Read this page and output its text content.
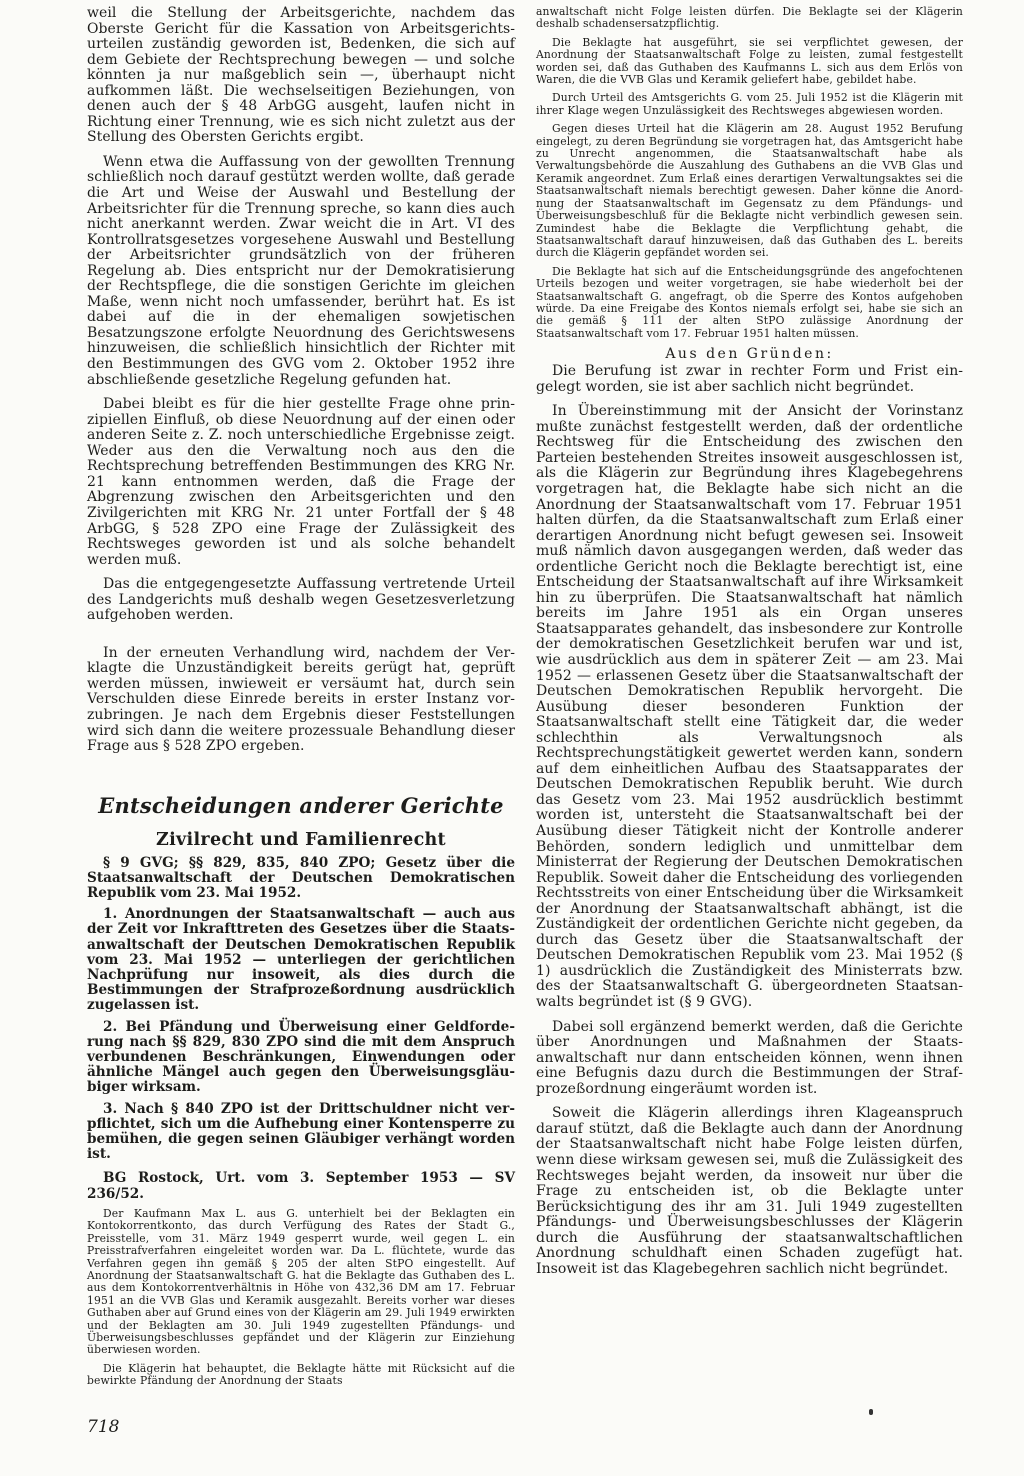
weil die Stellung der Arbeitsgerichte, nachdem das Oberste Gericht für die Kassation von Arbeitsgerichtsurteilen zuständig geworden ist, Bedenken, die sich auf dem Gebiete der Rechtsprechung bewegen — und solche könnten ja nur maßgeblich sein —, überhaupt nicht aufkommen läßt. Die wechselseitigen Beziehungen, von denen auch der § 48 ArbGG ausgeht, laufen nicht in Richtung einer Trennung, wie es sich nicht zuletzt aus der Stellung des Obersten Gerichts ergibt.

Wenn etwa die Auffassung von der gewollten Trennung schließlich noch darauf gestützt werden wollte, daß gerade die Art und Weise der Auswahl und Bestellung der Arbeitsrichter für die Trennung spreche, so kann dies auch nicht anerkannt werden. Zwar weicht die in Art. VI des Kontrollratsgesetzes vorgesehene Auswahl und Bestellung der Arbeitsrichter grundsätzlich von der früheren Regelung ab. Dies entspricht nur der Demokratisierung der Rechtspflege, die die sonstigen Gerichte im gleichen Maße, wenn nicht noch umfassender, berührt hat. Es ist dabei auf die in der ehemaligen sowjetischen Besatzungszone erfolgte Neuordnung des Gerichtswesens hinzuweisen, die schließlich hinsichtlich der Richter mit den Bestimmungen des GVG vom 2. Oktober 1952 ihre abschließende gesetzliche Regelung gefunden hat.

Dabei bleibt es für die hier gestellte Frage ohne prinzipiellen Einfluß, ob diese Neuordnung auf der einen oder anderen Seite z. Z. noch unterschiedliche Ergebnisse zeigt. Weder aus den die Verwaltung noch aus den die Rechtsprechung betreffenden Bestimmungen des KRG Nr. 21 kann entnommen werden, daß die Frage der Abgrenzung zwischen den Arbeitsgerichten und den Zivilgerichten mit KRG Nr. 21 unter Fortfall der § 48 ArbGG, § 528 ZPO eine Frage der Zulässigkeit des Rechtsweges geworden ist und als solche behandelt werden muß.

Das die entgegengesetzte Auffassung vertretende Urteil des Landgerichts muß deshalb wegen Gesetzesverletzung aufgehoben werden.

In der erneuten Verhandlung wird, nachdem der Verklagte die Unzuständigkeit bereits gerügt hat, geprüft werden müssen, inwieweit er versäumt hat, durch sein Verschulden diese Einrede bereits in erster Instanz vorzubringen. Je nach dem Ergebnis dieser Feststellungen wird sich dann die weitere prozessuale Behandlung dieser Frage aus § 528 ZPO ergeben.

Entscheidungen anderer Gerichte
Zivilrecht und Familienrecht

§ 9 GVG; §§ 829, 835, 840 ZPO; Gesetz über die Staatsanwaltschaft der Deutschen Demokratischen Republik vom 23. Mai 1952.

1. Anordnungen der Staatsanwaltschaft — auch aus der Zeit vor Inkrafttreten des Gesetzes über die Staatsanwaltschaft der Deutschen Demokratischen Republik vom 23. Mai 1952 — unterliegen der gerichtlichen Nachprüfung nur insoweit, als dies durch die Bestimmungen der Strafprozeßordnung ausdrücklich zugelassen ist.

2. Bei Pfändung und Überweisung einer Geldforderung nach §§ 829, 830 ZPO sind die mit dem Anspruch verbundenen Beschränkungen, Einwendungen oder ähnliche Mängel auch gegen den Überweisungsgläubiger wirksam.

3. Nach § 840 ZPO ist der Drittschuldner nicht verpflichtet, sich um die Aufhebung einer Kontensperre zu bemühen, die gegen seinen Gläubiger verhängt worden ist.

BG Rostock, Urt. vom 3. September 1953 — SV 236/52.

Der Kaufmann Max L. aus G. unterhielt bei der Beklagten ein Kontokorrentkonto, das durch Verfügung des Rates der Stadt G., Preisstelle, vom 31. März 1949 gesperrt wurde, weil gegen L. ein Preisstrafverfahren eingeleitet worden war. Da L. flüchtete, wurde das Verfahren gegen ihn gemäß § 205 der alten StPO eingestellt. Auf Anordnung der Staatsanwaltschaft G. hat die Beklagte das Guthaben des L. aus dem Kontokorrentverhältnis in Höhe von 432,36 DM am 17. Februar 1951 an die VVB Glas und Keramik ausgezahlt. Bereits vorher war dieses Guthaben aber auf Grund eines von der Klägerin am 29. Juli 1949 erwirkten und der Beklagten am 30. Juli 1949 zugestellten Pfändungs- und Überweisungsbeschlusses gepfändet und der Klägerin zur Einziehung überwiesen worden.

Die Klägerin hat behauptet, die Beklagte hätte mit Rücksicht auf die bewirkte Pfändung der Anordnung der Staats

anwaltschaft nicht Folge leisten dürfen. Die Beklagte sei der Klägerin deshalb schadensersatzpflichtig.

Die Beklagte hat ausgeführt, sie sei verpflichtet gewesen, der Anordnung der Staatsanwaltschaft Folge zu leisten, zumal festgestellt worden sei, daß das Guthaben des Kaufmanns L. sich aus dem Erlös von Waren, die die VVB Glas und Keramik geliefert habe, gebildet habe.

Durch Urteil des Amtsgerichts G. vom 25. Juli 1952 ist die Klägerin mit ihrer Klage wegen Unzulässigkeit des Rechtsweges abgewiesen worden.

Gegen dieses Urteil hat die Klägerin am 28. August 1952 Berufung eingelegt, zu deren Begründung sie vorgetragen hat, das Amtsgericht habe zu Unrecht angenommen, die Staatsanwaltschaft habe als Verwaltungsbehörde die Auszahlung des Guthabens an die VVB Glas und Keramik angeordnet. Zum Erlaß eines derartigen Verwaltungsaktes sei die Staatsanwaltschaft niemals berechtigt gewesen. Daher könne die Anordnung der Staatsanwaltschaft im Gegensatz zu dem Pfändungs- und Überweisungsbeschluß für die Beklagte nicht verbindlich gewesen sein. Zumindest habe die Beklagte die Verpflichtung gehabt, die Staatsanwaltschaft darauf hinzuweisen, daß das Guthaben des L. bereits durch die Klägerin gepfändet worden sei.

Die Beklagte hat sich auf die Entscheidungsgründe des angefochtenen Urteils bezogen und weiter vorgetragen, sie habe wiederholt bei der Staatsanwaltschaft G. angefragt, ob die Sperre des Kontos aufgehoben würde. Da eine Freigabe des Kontos niemals erfolgt sei, habe sie sich an die gemäß § 111 der alten StPO zulässige Anordnung der Staatsanwaltschaft vom 17. Februar 1951 halten müssen.

Aus den Gründen:

Die Berufung ist zwar in rechter Form und Frist eingelegt worden, sie ist aber sachlich nicht begründet.

In Übereinstimmung mit der Ansicht der Vorinstanz mußte zunächst festgestellt werden, daß der ordentliche Rechtsweg für die Entscheidung des zwischen den Parteien bestehenden Streites insoweit ausgeschlossen ist, als die Klägerin zur Begründung ihres Klagebegehrens vorgetragen hat, die Beklagte habe sich nicht an die Anordnung der Staatsanwaltschaft vom 17. Februar 1951 halten dürfen, da die Staatsanwaltschaft zum Erlaß einer derartigen Anordnung nicht befugt gewesen sei. Insoweit muß nämlich davon ausgegangen werden, daß weder das ordentliche Gericht noch die Beklagte berechtigt ist, eine Entscheidung der Staatsanwaltschaft auf ihre Wirksamkeit hin zu überprüfen. Die Staatsanwaltschaft hat nämlich bereits im Jahre 1951 als ein Organ unseres Staatsapparates gehandelt, das insbesondere zur Kontrolle der demokratischen Gesetzlichkeit berufen war und ist, wie ausdrücklich aus dem in späterer Zeit — am 23. Mai 1952 — erlassenen Gesetz über die Staatsanwaltschaft der Deutschen Demokratischen Republik hervorgeht. Die Ausübung dieser besonderen Funktion der Staatsanwaltschaft stellt eine Tätigkeit dar, die weder schlechthin als Verwaltungsnoch als Rechtsprechungstätigkeit gewertet werden kann, sondern auf dem einheitlichen Aufbau des Staatsapparates der Deutschen Demokratischen Republik beruht. Wie durch das Gesetz vom 23. Mai 1952 ausdrücklich bestimmt worden ist, untersteht die Staatsanwaltschaft bei der Ausübung dieser Tätigkeit nicht der Kontrolle anderer Behörden, sondern lediglich und unmittelbar dem Ministerrat der Regierung der Deutschen Demokratischen Republik. Soweit daher die Entscheidung des vorliegenden Rechtsstreits von einer Entscheidung über die Wirksamkeit der Anordnung der Staatsanwaltschaft abhängt, ist die Zuständigkeit der ordentlichen Gerichte nicht gegeben, da durch das Gesetz über die Staatsanwaltschaft der Deutschen Demokratischen Republik vom 23. Mai 1952 (§ 1) ausdrücklich die Zuständigkeit des Ministerrats bzw. des der Staatsanwaltschaft G. übergeordneten Staatsanwalts begründet ist (§ 9 GVG).

Dabei soll ergänzend bemerkt werden, daß die Gerichte über Anordnungen und Maßnahmen der Staatsanwaltschaft nur dann entscheiden können, wenn ihnen eine Befugnis dazu durch die Bestimmungen der Strafprozeßordnung eingeräumt worden ist.

Soweit die Klägerin allerdings ihren Klageanspruch darauf stützt, daß die Beklagte auch dann der Anordnung der Staatsanwaltschaft nicht habe Folge leisten dürfen, wenn diese wirksam gewesen sei, muß die Zulässigkeit des Rechtsweges bejaht werden, da insoweit nur über die Frage zu entscheiden ist, ob die Beklagte unter Berücksichtigung des ihr am 31. Juli 1949 zugestellten Pfändungs- und Überweisungsbeschlusses der Klägerin durch die Ausführung der staatsanwaltschaftlichen Anordnung schuldhaft einen Schaden zugefügt hat. Insoweit ist das Klagebegehren sachlich nicht begründet.

718
